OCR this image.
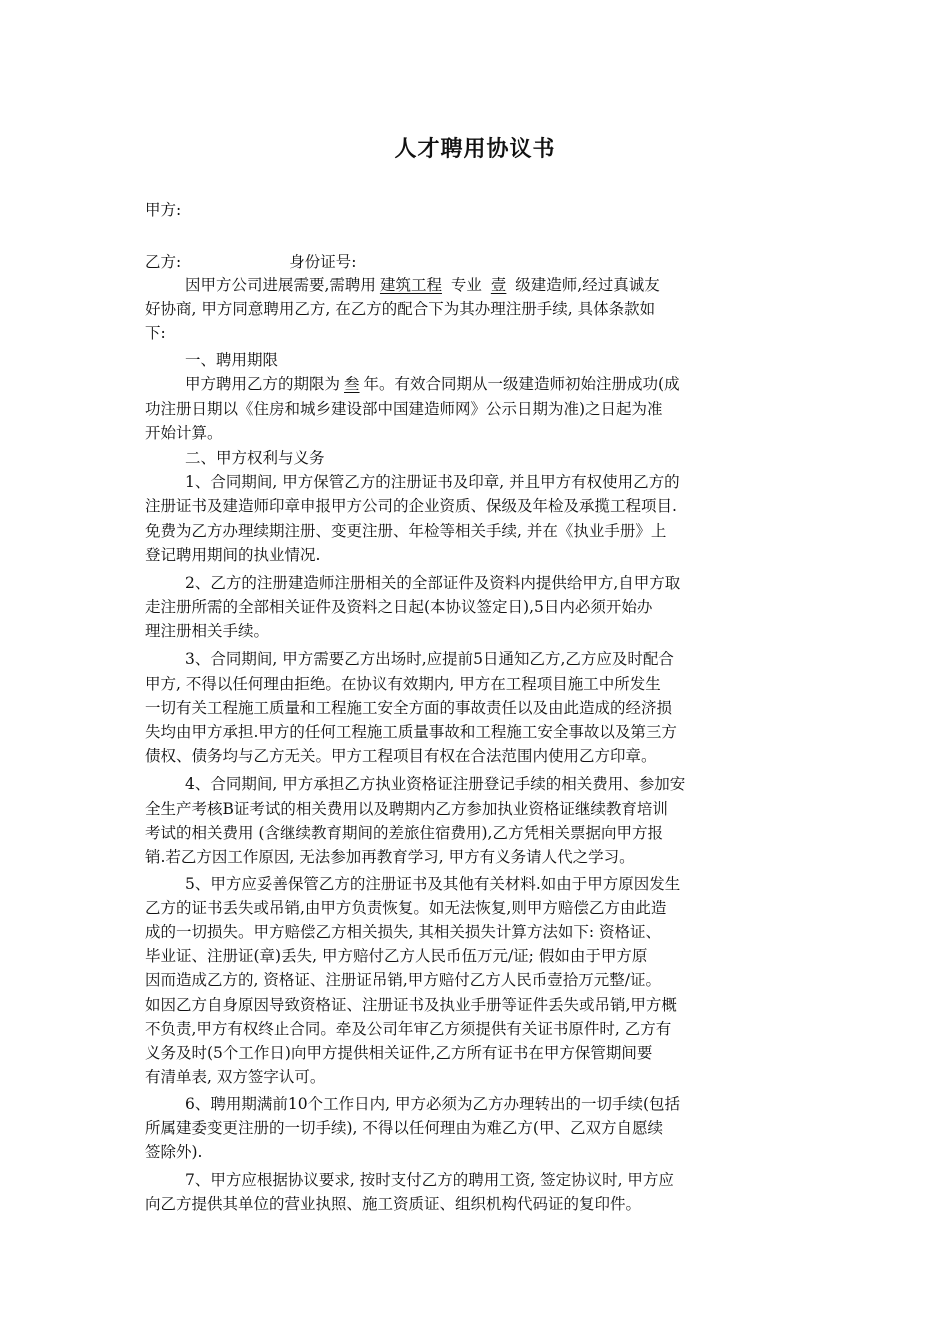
人才聘用协议书
甲方:
乙方:	身份证号:
因甲方公司进展需要,需聘用 建筑工程 专业 壹 级建造师,经过真诚友
好协商, 甲方同意聘用乙方, 在乙方的配合下为其办理注册手续, 具体条款如
下:
一、聘用期限
甲方聘用乙方的期限为 叁 年。有效合同期从一级建造师初始注册成功(成
功注册日期以《住房和城乡建设部中国建造师网》公示日期为准)之日起为准
开始计算。
二、甲方权利与义务
1、合同期间, 甲方保管乙方的注册证书及印章, 并且甲方有权使用乙方的
注册证书及建造师印章申报甲方公司的企业资质、保级及年检及承揽工程项目.
免费为乙方办理续期注册、变更注册、年检等相关手续, 并在《执业手册》上
登记聘用期间的执业情况.
2、乙方的注册建造师注册相关的全部证件及资料内提供给甲方,自甲方取
走注册所需的全部相关证件及资料之日起(本协议签定日),5日内必须开始办
理注册相关手续。
3、合同期间, 甲方需要乙方出场时,应提前5日通知乙方,乙方应及时配合
甲方, 不得以任何理由拒绝。在协议有效期内, 甲方在工程项目施工中所发生
一切有关工程施工质量和工程施工安全方面的事故责任以及由此造成的经济损
失均由甲方承担.甲方的任何工程施工质量事故和工程施工安全事故以及第三方
债权、债务均与乙方无关。甲方工程项目有权在合法范围内使用乙方印章。
4、合同期间, 甲方承担乙方执业资格证注册登记手续的相关费用、参加安
全生产考核B证考试的相关费用以及聘期内乙方参加执业资格证继续教育培训
考试的相关费用 (含继续教育期间的差旅住宿费用),乙方凭相关票据向甲方报
销.若乙方因工作原因, 无法参加再教育学习, 甲方有义务请人代之学习。
5、甲方应妥善保管乙方的注册证书及其他有关材料.如由于甲方原因发生
乙方的证书丢失或吊销,由甲方负责恢复。如无法恢复,则甲方赔偿乙方由此造
成的一切损失。甲方赔偿乙方相关损失, 其相关损失计算方法如下: 资格证、
毕业证、注册证(章)丢失, 甲方赔付乙方人民币伍万元/证; 假如由于甲方原
因而造成乙方的, 资格证、注册证吊销,甲方赔付乙方人民币壹拾万元整/证。
如因乙方自身原因导致资格证、注册证书及执业手册等证件丢失或吊销,甲方概
不负责,甲方有权终止合同。牵及公司年审乙方须提供有关证书原件时, 乙方有
义务及时(5个工作日)向甲方提供相关证件,乙方所有证书在甲方保管期间要
有清单表, 双方签字认可。
6、聘用期满前10个工作日内, 甲方必须为乙方办理转出的一切手续(包括
所属建委变更注册的一切手续), 不得以任何理由为难乙方(甲、乙双方自愿续
签除外).
7、甲方应根据协议要求, 按时支付乙方的聘用工资, 签定协议时, 甲方应
向乙方提供其单位的营业执照、施工资质证、组织机构代码证的复印件。
